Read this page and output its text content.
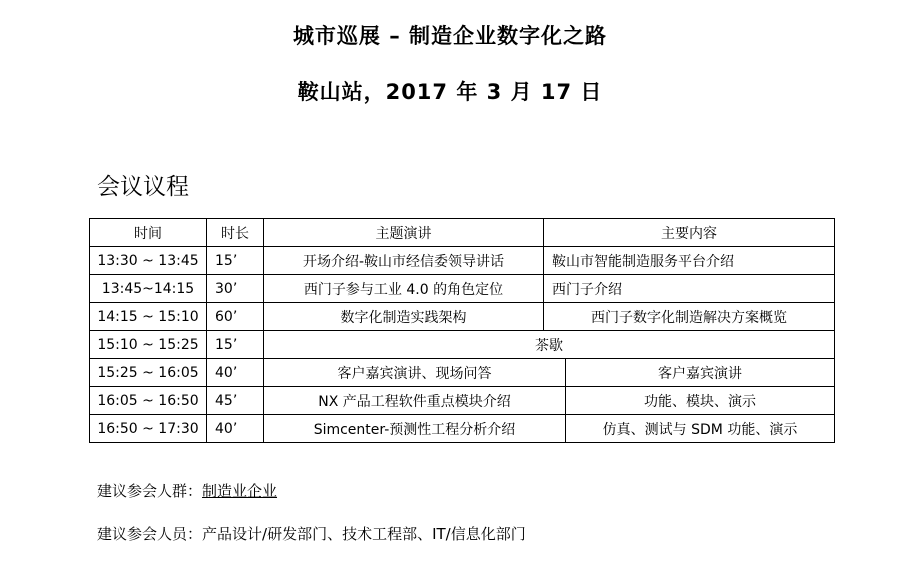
城市巡展 – 制造企业数字化之路
鞍山站，2017 年 3 月 17 日
会议议程
时间	时长	主题演讲	主要内容	
13:30 ~ 13:45	15’	开场介绍-鞍山市经信委领导讲话	鞍山市智能制造服务平台介绍	
13:45~14:15	30’	西门子参与工业 4.0 的角色定位	西门子介绍	
14:15 ~ 15:10	60’	数字化制造实践架构	西门子数字化制造解决方案概览	
15:10 ~ 15:25	15’	茶歇		
15:25 ~ 16:05	40’	客户嘉宾演讲、现场问答		客户嘉宾演讲
16:05 ~ 16:50	45’	NX 产品工程软件重点模块介绍		功能、模块、演示
16:50 ~ 17:30	40’	Simcenter-预测性工程分析介绍		仿真、测试与 SDM 功能、演示
建议参会人群：制造业企业
建议参会人员：产品设计/研发部门、技术工程部、IT/信息化部门
